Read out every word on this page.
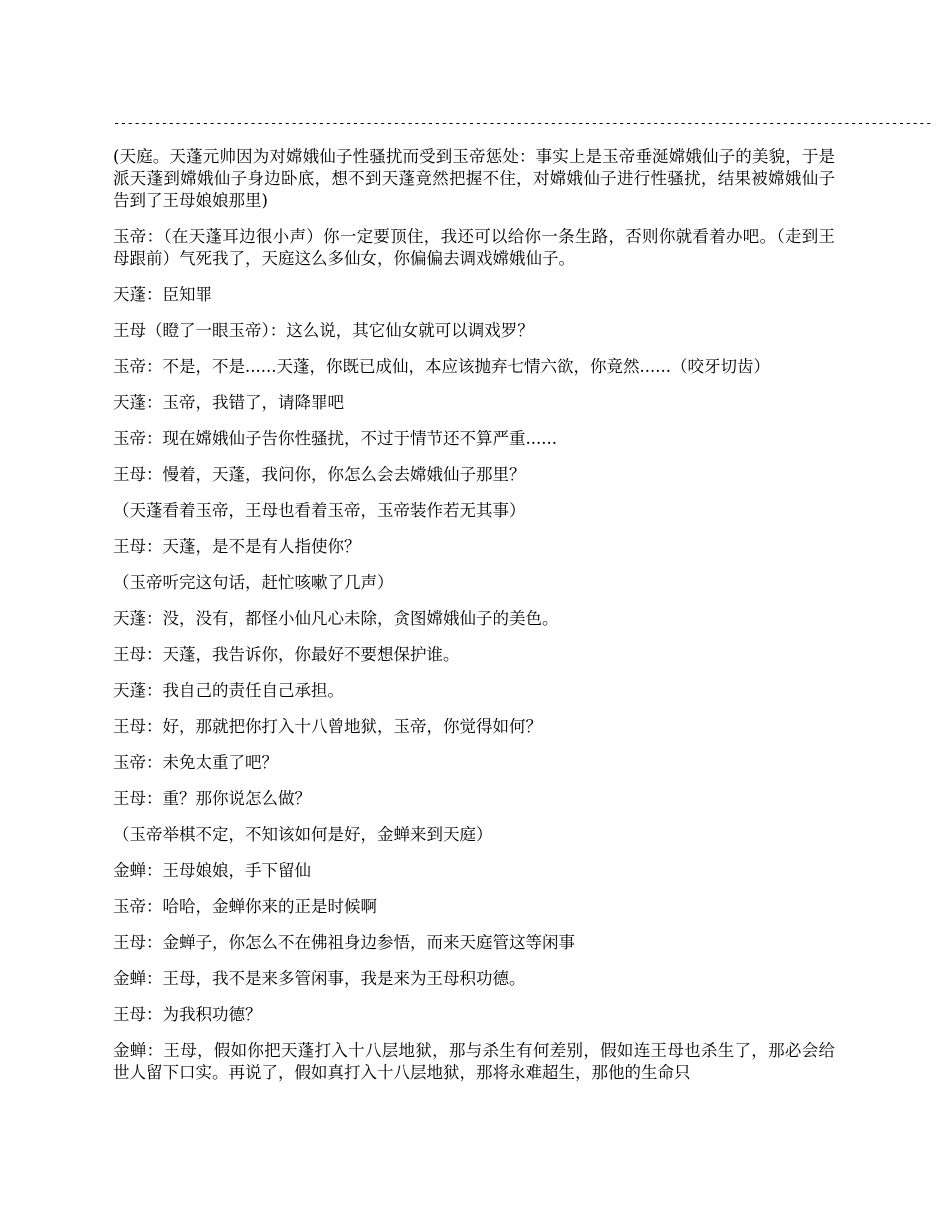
------------------------------------------------------------------------------------------------------------------------

(天庭。天蓬元帅因为对嫦娥仙子性骚扰而受到玉帝惩处：事实上是玉帝垂涎嫦娥仙子的美貌，于是派天蓬到嫦娥仙子身边卧底，想不到天蓬竟然把握不住，对嫦娥仙子进行性骚扰，结果被嫦娥仙子告到了王母娘娘那里)

玉帝：（在天蓬耳边很小声）你一定要顶住，我还可以给你一条生路，否则你就看着办吧。（走到王母跟前）气死我了，天庭这么多仙女，你偏偏去调戏嫦娥仙子。

天蓬：臣知罪

王母（瞪了一眼玉帝）：这么说，其它仙女就可以调戏罗？

玉帝：不是，不是......天蓬，你既已成仙，本应该抛弃七情六欲，你竟然......（咬牙切齿）

天蓬：玉帝，我错了，请降罪吧

玉帝：现在嫦娥仙子告你性骚扰，不过于情节还不算严重......

王母：慢着，天蓬，我问你，你怎么会去嫦娥仙子那里？

（天蓬看着玉帝，王母也看着玉帝，玉帝装作若无其事）

王母：天蓬，是不是有人指使你？

（玉帝听完这句话，赶忙咳嗽了几声）

天蓬：没，没有，都怪小仙凡心未除，贪图嫦娥仙子的美色。

王母：天蓬，我告诉你，你最好不要想保护谁。

天蓬：我自己的责任自己承担。

王母：好，那就把你打入十八曾地狱，玉帝，你觉得如何？

玉帝：未免太重了吧？

王母：重？那你说怎么做？

（玉帝举棋不定，不知该如何是好，金蝉来到天庭）

金蝉：王母娘娘，手下留仙

玉帝：哈哈，金蝉你来的正是时候啊

王母：金蝉子，你怎么不在佛祖身边参悟，而来天庭管这等闲事

金蝉：王母，我不是来多管闲事，我是来为王母积功德。

王母：为我积功德？

金蝉：王母，假如你把天蓬打入十八层地狱，那与杀生有何差别，假如连王母也杀生了，那必会给世人留下口实。再说了，假如真打入十八层地狱，那将永难超生，那他的生命只
